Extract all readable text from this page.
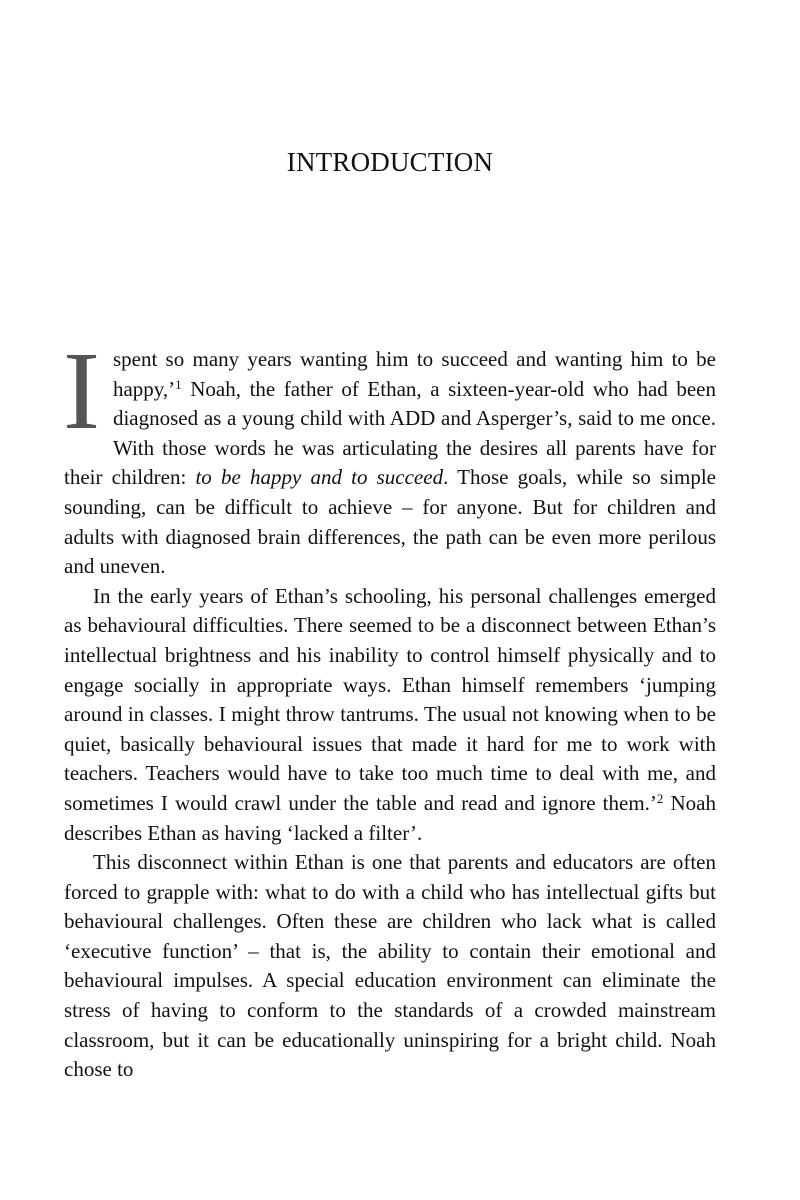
INTRODUCTION

I spent so many years wanting him to succeed and wanting him to be happy,’$^1$ Noah, the father of Ethan, a sixteen-year-old who had been diagnosed as a young child with ADD and Asperger’s, said to me once. With those words he was articulating the desires all parents have for their children: to be happy and to succeed. Those goals, while so simple sounding, can be difficult to achieve – for anyone. But for children and adults with diagnosed brain differences, the path can be even more perilous and uneven.

In the early years of Ethan’s schooling, his personal challenges emerged as behavioural difficulties. There seemed to be a disconnect between Ethan’s intellectual brightness and his inability to control himself physically and to engage socially in appropriate ways. Ethan himself remembers ‘jumping around in classes. I might throw tantrums. The usual not knowing when to be quiet, basically behavioural issues that made it hard for me to work with teachers. Teachers would have to take too much time to deal with me, and sometimes I would crawl under the table and read and ignore them.’$^2$ Noah describes Ethan as having ‘lacked a filter’.

This disconnect within Ethan is one that parents and educators are often forced to grapple with: what to do with a child who has intellectual gifts but behavioural challenges. Often these are children who lack what is called ‘executive function’ – that is, the ability to contain their emotional and behavioural impulses. A special education environment can eliminate the stress of having to conform to the standards of a crowded mainstream classroom, but it can be educationally uninspiring for a bright child. Noah chose to
